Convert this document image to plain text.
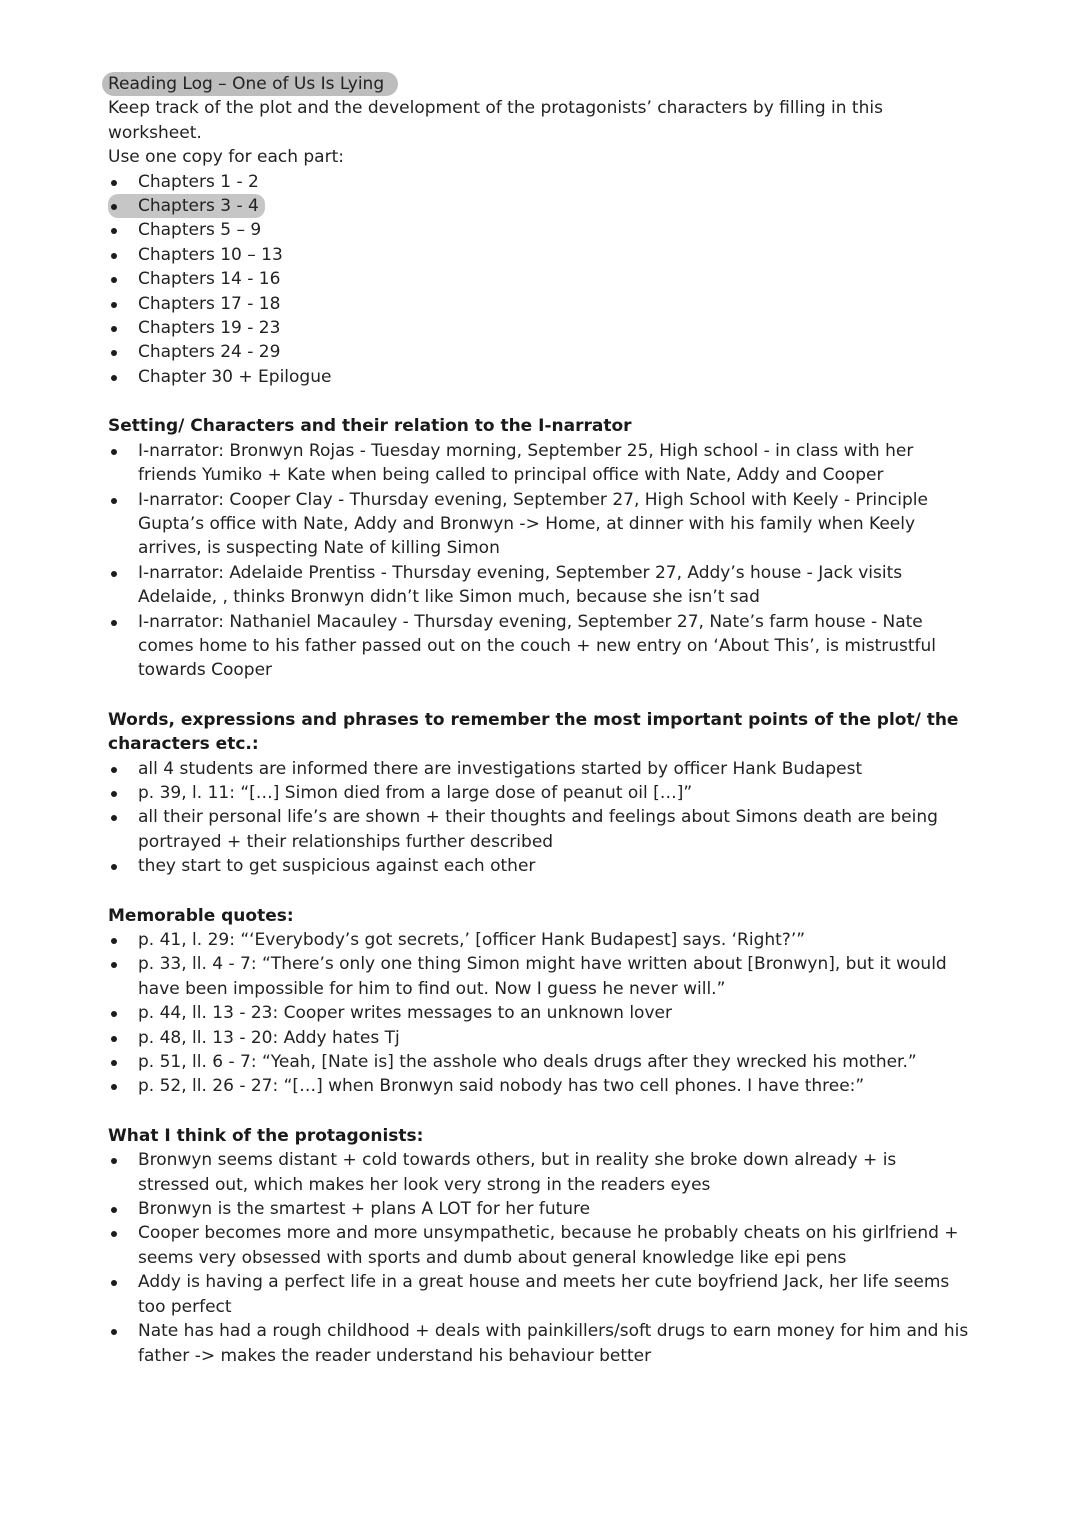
Reading Log – One of Us Is Lying

Keep track of the plot and the development of the protagonists’ characters by filling in this worksheet.

Use one copy for each part:

Chapters 1 - 2
Chapters 3 - 4
Chapters 5 – 9
Chapters 10 – 13
Chapters 14 - 16
Chapters 17 - 18
Chapters 19 - 23
Chapters 24 - 29
Chapter 30 + Epilogue
Setting/ Characters and their relation to the I-narrator
I-narrator: Bronwyn Rojas - Tuesday morning, September 25, High school - in class with her friends Yumiko + Kate when being called to principal office with Nate, Addy and Cooper
I-narrator: Cooper Clay - Thursday evening, September 27, High School with Keely - Principle Gupta’s office with Nate, Addy and Bronwyn -> Home, at dinner with his family when Keely arrives, is suspecting Nate of killing Simon
I-narrator: Adelaide Prentiss - Thursday evening, September 27, Addy’s house - Jack visits Adelaide, , thinks Bronwyn didn’t like Simon much, because she isn’t sad
I-narrator: Nathaniel Macauley - Thursday evening, September 27, Nate’s farm house - Nate comes home to his father passed out on the couch + new entry on ‘About This’, is mistrustful towards Cooper
Words, expressions and phrases to remember the most important points of the plot/ the characters etc.:
all 4 students are informed there are investigations started by officer Hank Budapest
p. 39, l. 11: “[…] Simon died from a large dose of peanut oil […]”
all their personal life’s are shown + their thoughts and feelings about Simons death are being portrayed + their relationships further described
they start to get suspicious against each other
Memorable quotes:
p. 41, l. 29: “‘Everybody’s got secrets,’ [officer Hank Budapest] says. ‘Right?’”
p. 33, ll. 4 - 7: “There’s only one thing Simon might have written about [Bronwyn], but it would have been impossible for him to find out. Now I guess he never will.”
p. 44, ll. 13 - 23: Cooper writes messages to an unknown lover
p. 48, ll. 13 - 20: Addy hates Tj
p. 51, ll. 6 - 7: “Yeah, [Nate is] the asshole who deals drugs after they wrecked his mother.”
p. 52, ll. 26 - 27: “[…] when Bronwyn said nobody has two cell phones. I have three:”
What I think of the protagonists:
Bronwyn seems distant + cold towards others, but in reality she broke down already + is stressed out, which makes her look very strong in the readers eyes
Bronwyn is the smartest + plans A LOT for her future
Cooper becomes more and more unsympathetic, because he probably cheats on his girlfriend + seems very obsessed with sports and dumb about general knowledge like epi pens
Addy is having a perfect life in a great house and meets her cute boyfriend Jack, her life seems too perfect
Nate has had a rough childhood + deals with painkillers/soft drugs to earn money for him and his father -> makes the reader understand his behaviour better
